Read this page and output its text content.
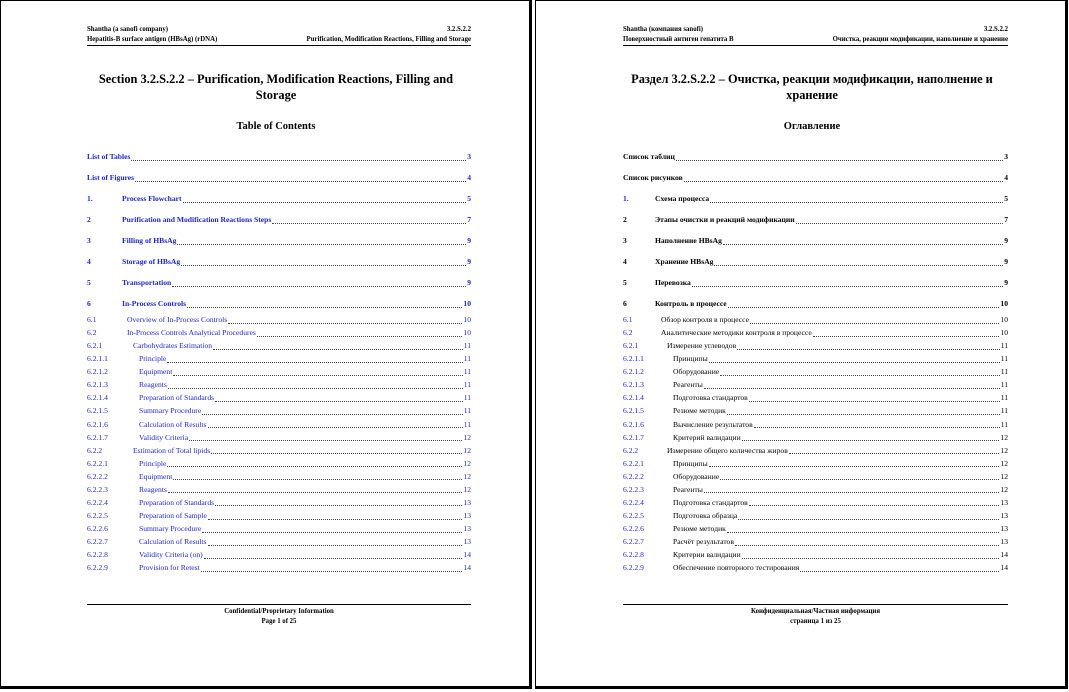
Shantha (a sanofi company)	3.2.S.2.2
Hepatitis-B surface antigen (HBsAg) (rDNA)	Purification, Modification Reactions, Filling and Storage
Section 3.2.S.2.2 – Purification, Modification Reactions, Filling and Storage
Table of Contents
List of Tables	3
List of Figures	4
1.	Process Flowchart	5
2	Purification and Modification Reactions Steps	7
3	Filling of HBsAg	9
4	Storage of HBsAg	9
5	Transportation	9
6	In-Process Controls	10
6.1	Overview of In-Process Controls	10
6.2	In-Process Controls Analytical Procedures	10
6.2.1	Carbohydrates Estimation	11
6.2.1.1	Principle	11
6.2.1.2	Equipment	11
6.2.1.3	Reagents	11
6.2.1.4	Preparation of Standards	11
6.2.1.5	Summary Procedure	11
6.2.1.6	Calculation of Results	11
6.2.1.7	Validity Criteria	12
6.2.2	Estimation of Total lipids	12
6.2.2.1	Principle	12
6.2.2.2	Equipment	12
6.2.2.3	Reagents	12
6.2.2.4	Preparation of Standards	13
6.2.2.5	Preparation of Sample	13
6.2.2.6	Summary Procedure	13
6.2.2.7	Calculation of Results	13
6.2.2.8	Validity Criteria (on)	14
6.2.2.9	Provision for Retest	14
Confidential/Proprietary Information
Page 1 of 25
Shantha (компания sanofi)	3.2.S.2.2
Поверхностный антиген гепатита В	Очистка, реакции модификации, наполнение и хранение
Раздел 3.2.S.2.2 – Очистка, реакции модификации, наполнение и хранение
Оглавление
Список таблиц	3
Список рисунков	4
1.	Схема процесса	5
2	Этапы очистки и реакций модификации	7
3	Наполнение HBsAg	9
4	Хранение HBsAg	9
5	Перевозка	9
6	Контроль в процессе	10
6.1	Обзор контроля в процессе	10
6.2	Аналитические методики контроля в процессе	10
6.2.1	Измерение углеводов	11
6.2.1.1	Принципы	11
6.2.1.2	Оборудование	11
6.2.1.3	Реагенты	11
6.2.1.4	Подготовка стандартов	11
6.2.1.5	Резюме методик	11
6.2.1.6	Вычисление результатов	11
6.2.1.7	Критерий валидации	12
6.2.2	Измерение общего количества жиров	12
6.2.2.1	Принципы	12
6.2.2.2	Оборудование	12
6.2.2.3	Реагенты	12
6.2.2.4	Подготовка стандартов	13
6.2.2.5	Подготовка образца	13
6.2.2.6	Резюме методик	13
6.2.2.7	Расчёт результатов	13
6.2.2.8	Критерии валидации	14
6.2.2.9	Обеспечение повторного тестирования	14
Конфиденциальная/Частная информация
страница 1 из 25
